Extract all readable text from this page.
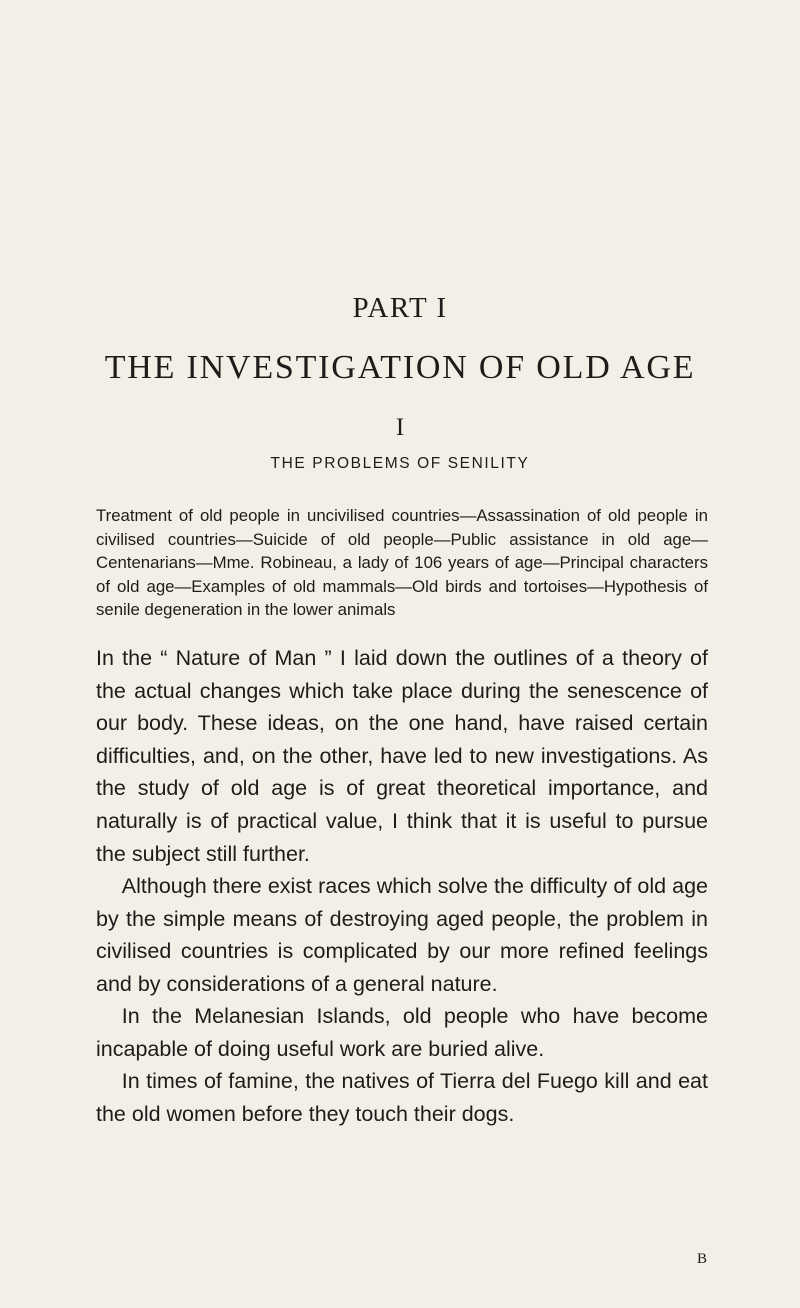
PART I
THE INVESTIGATION OF OLD AGE
I
THE PROBLEMS OF SENILITY

Treatment of old people in uncivilised countries—Assassination of old people in civilised countries—Suicide of old people—Public assistance in old age—Centenarians—Mme. Robineau, a lady of 106 years of age—Principal characters of old age—Examples of old mammals—Old birds and tortoises—Hypothesis of senile degeneration in the lower animals

In the “ Nature of Man ” I laid down the outlines of a theory of the actual changes which take place during the senescence of our body. These ideas, on the one hand, have raised certain difficulties, and, on the other, have led to new investigations. As the study of old age is of great theoretical importance, and naturally is of practical value, I think that it is useful to pursue the subject still further.

Although there exist races which solve the difficulty of old age by the simple means of destroying aged people, the problem in civilised countries is complicated by our more refined feelings and by considerations of a general nature.

In the Melanesian Islands, old people who have become incapable of doing useful work are buried alive.

In times of famine, the natives of Tierra del Fuego kill and eat the old women before they touch their dogs.

B
